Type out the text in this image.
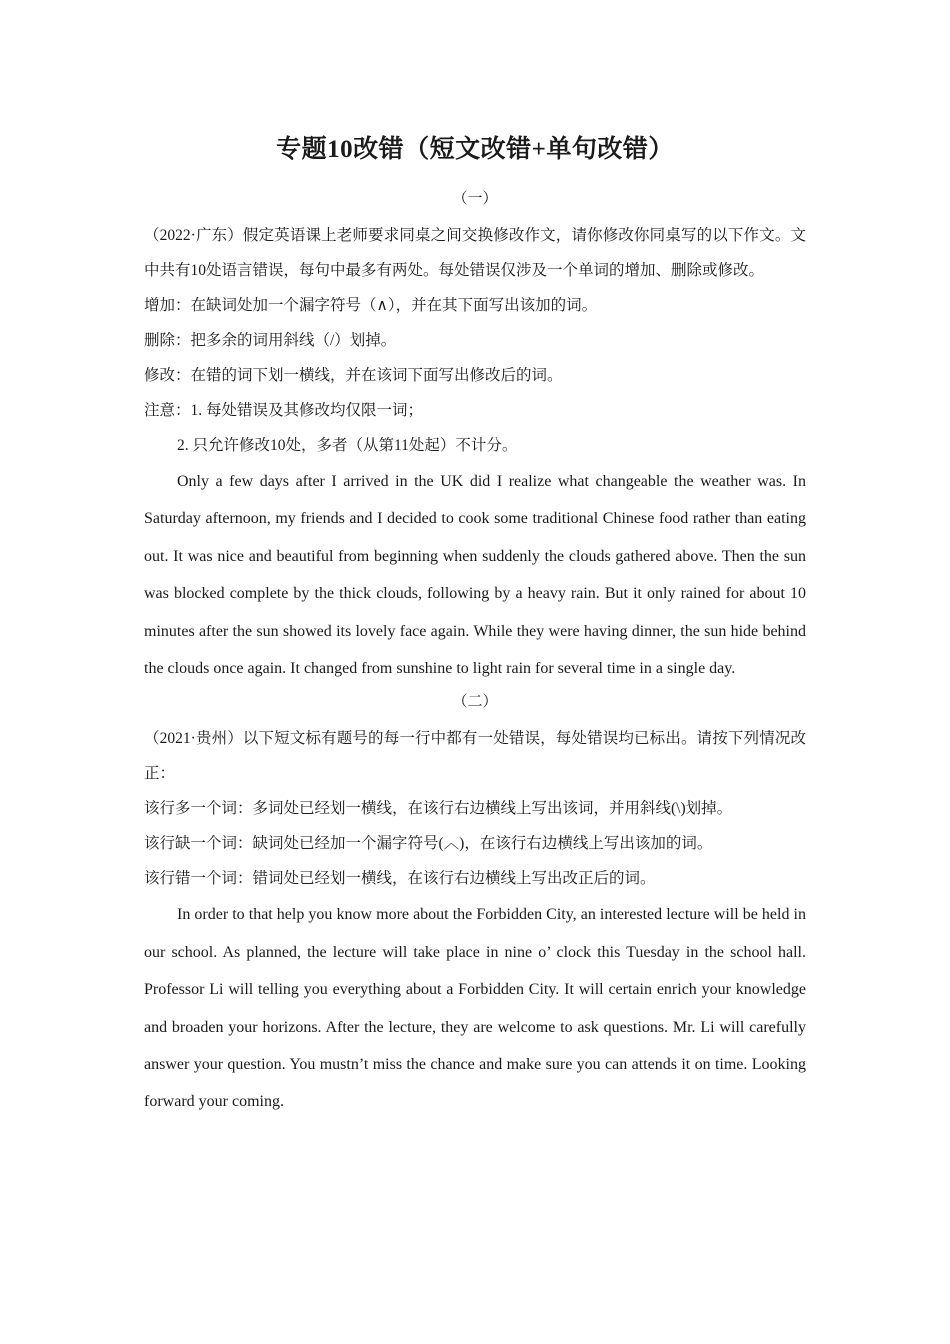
专题10改错（短文改错+单句改错）

（一）

（2022·广东）假定英语课上老师要求同桌之间交换修改作文，请你修改你同桌写的以下作文。文中共有10处语言错误，每句中最多有两处。每处错误仅涉及一个单词的增加、删除或修改。

增加：在缺词处加一个漏字符号（∧），并在其下面写出该加的词。

删除：把多余的词用斜线（/）划掉。

修改：在错的词下划一横线，并在该词下面写出修改后的词。

注意：1. 每处错误及其修改均仅限一词；

2. 只允许修改10处，多者（从第11处起）不计分。

Only a few days after I arrived in the UK did I realize what changeable the weather was. In Saturday afternoon, my friends and I decided to cook some traditional Chinese food rather than eating out. It was nice and beautiful from beginning when suddenly the clouds gathered above. Then the sun was blocked complete by the thick clouds, following by a heavy rain. But it only rained for about 10 minutes after the sun showed its lovely face again. While they were having dinner, the sun hide behind the clouds once again. It changed from sunshine to light rain for several time in a single day.

（二）

（2021·贵州）以下短文标有题号的每一行中都有一处错误，每处错误均已标出。请按下列情况改正：

该行多一个词：多词处已经划一横线，在该行右边横线上写出该词，并用斜线(\)划掉。

该行缺一个词：缺词处已经加一个漏字符号(︿)，在该行右边横线上写出该加的词。

该行错一个词：错词处已经划一横线，在该行右边横线上写出改正后的词。

In order to that help you know more about the Forbidden City, an interested lecture will be held in our school. As planned, the lecture will take place in nine o’ clock this Tuesday in the school hall. Professor Li will telling you everything about a Forbidden City. It will certain enrich your knowledge and broaden your horizons. After the lecture, they are welcome to ask questions. Mr. Li will carefully answer your question. You mustn’t miss the chance and make sure you can attends it on time. Looking forward your coming.
